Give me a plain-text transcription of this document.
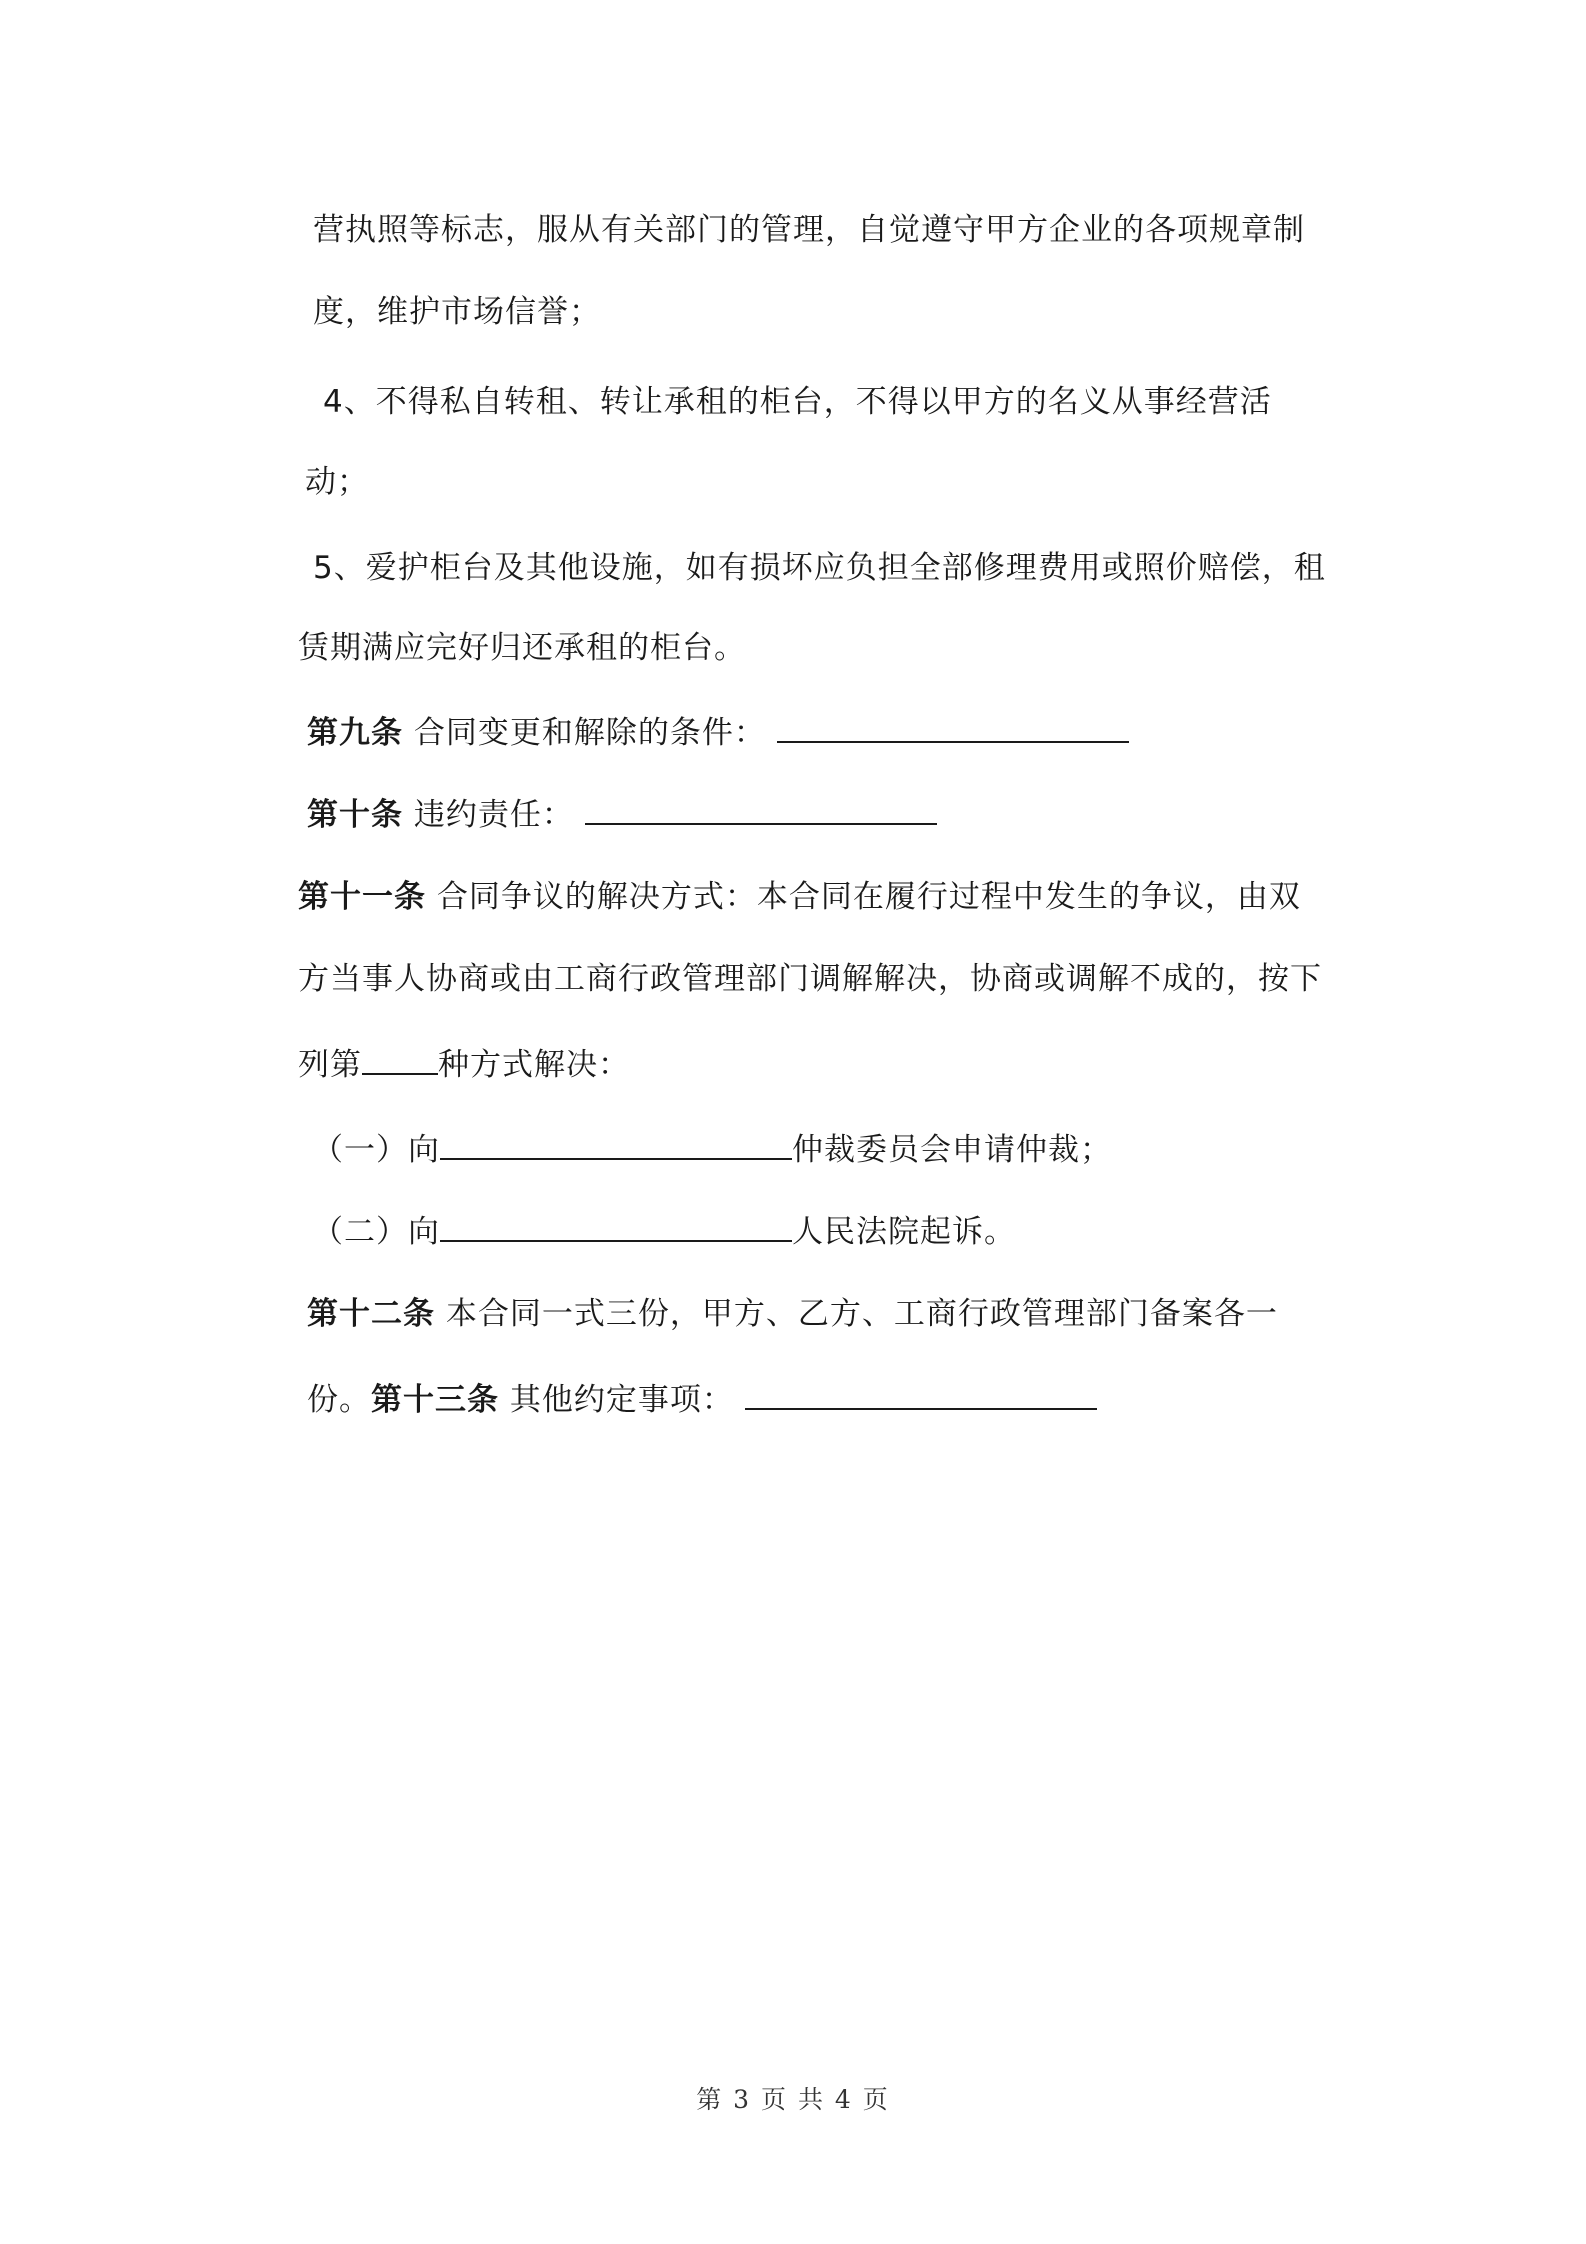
营执照等标志，服从有关部门的管理，自觉遵守甲方企业的各项规章制
度，维护市场信誉；
4、不得私自转租、转让承租的柜台，不得以甲方的名义从事经营活
动；
5、爱护柜台及其他设施，如有损坏应负担全部修理费用或照价赔偿，租
赁期满应完好归还承租的柜台。
第九条 合同变更和解除的条件：
第十条 违约责任：
第十一条 合同争议的解决方式：本合同在履行过程中发生的争议，由双
方当事人协商或由工商行政管理部门调解解决，协商或调解不成的，按下
列第 种方式解决：
（一）向	仲裁委员会申请仲裁；
（二）向	人民法院起诉。
第十二条 本合同一式三份，甲方、乙方、工商行政管理部门备案各一
份。第十三条 其他约定事项：
第 3 页 共 4 页
